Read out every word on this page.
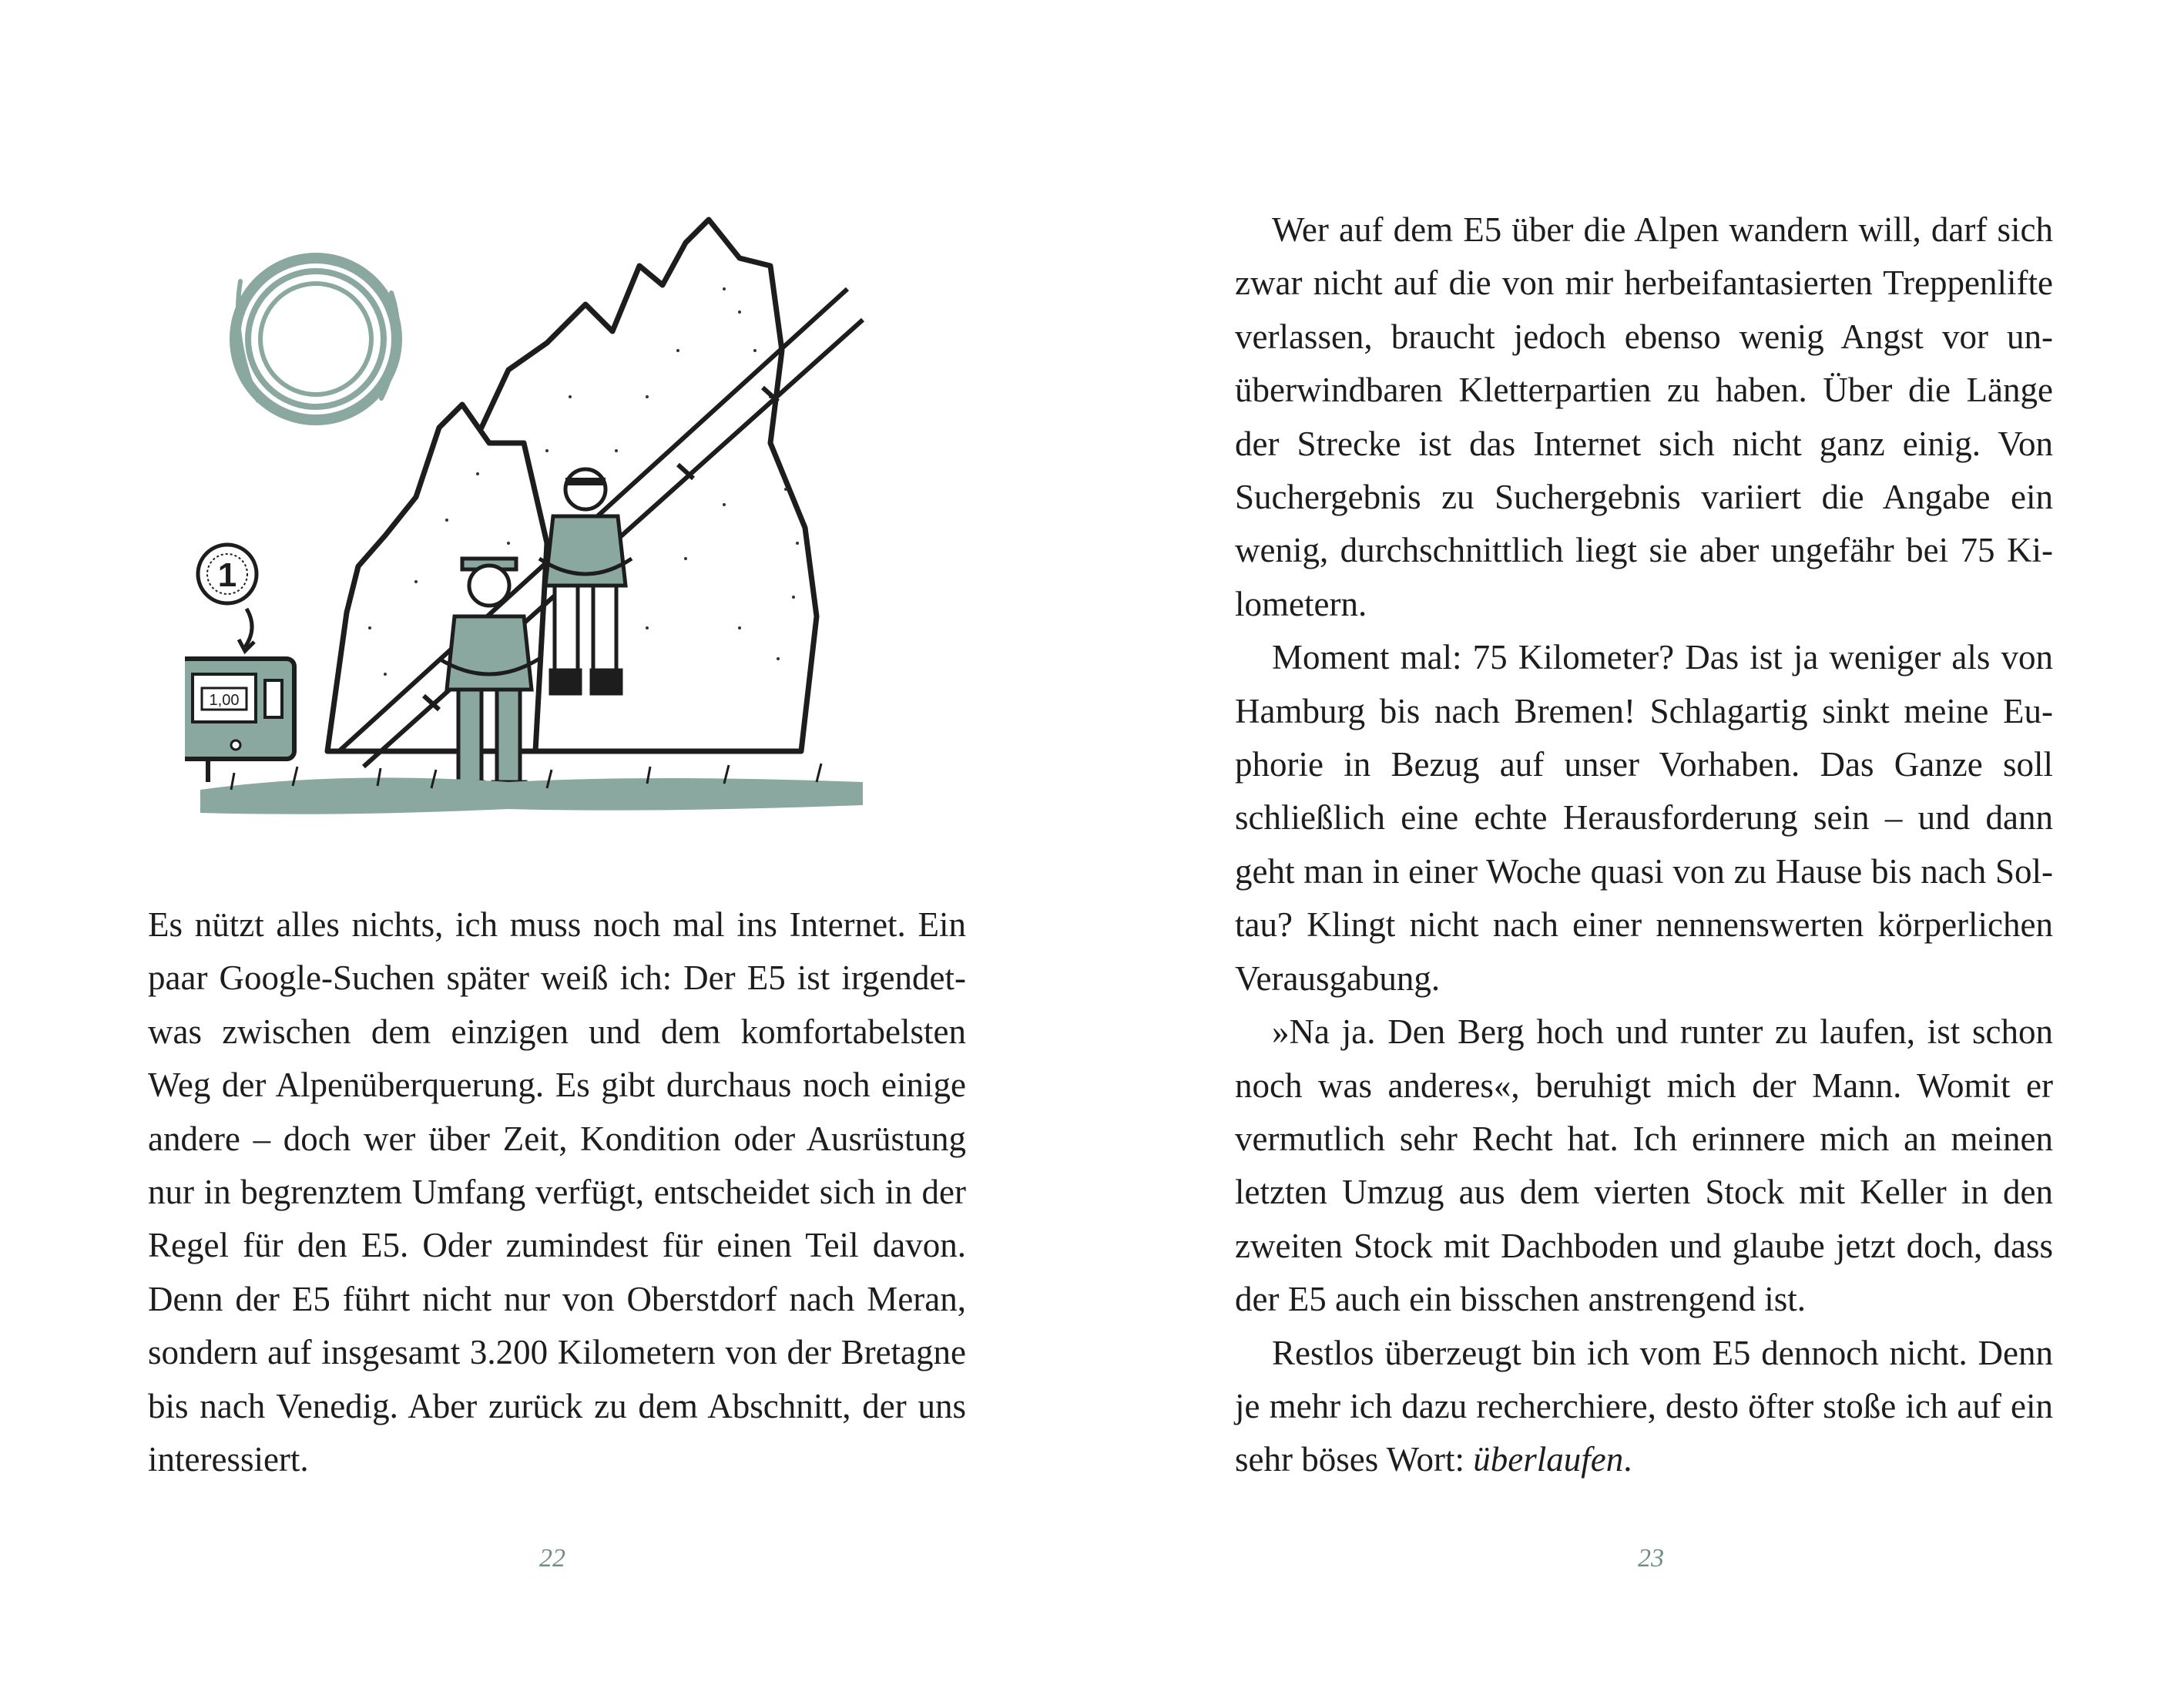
1
1,00
Es nützt alles nichts, ich muss noch mal ins Internet. Ein
paar Google-Suchen später weiß ich: Der E5 ist irgendet-
was zwischen dem einzigen und dem komfortabelsten
Weg der Alpenüberquerung. Es gibt durchaus noch einige
andere – doch wer über Zeit, Kondition oder Ausrüstung
nur in begrenztem Umfang verfügt, entscheidet sich in der
Regel für den E5. Oder zumindest für einen Teil davon.
Denn der E5 führt nicht nur von Oberstdorf nach Meran,
sondern auf insgesamt 3.200 Kilometern von der Bretagne
bis nach Venedig. Aber zurück zu dem Abschnitt, der uns
interessiert.
22

Wer auf dem E5 über die Alpen wandern will, darf sich zwar nicht auf die von mir herbeifantasierten Treppenlifte verlassen, braucht jedoch ebenso wenig Angst vor unüberwindbaren Kletterpartien zu haben. Über die Länge der Strecke ist das Internet sich nicht ganz einig. Von Suchergebnis zu Suchergebnis variiert die Angabe ein wenig, durchschnittlich liegt sie aber ungefähr bei 75 Kilometern.

Moment mal: 75 Kilometer? Das ist ja weniger als von Hamburg bis nach Bremen! Schlagartig sinkt meine Euphorie in Bezug auf unser Vorhaben. Das Ganze soll schließlich eine echte Herausforderung sein – und dann geht man in einer Woche quasi von zu Hause bis nach Soltau? Klingt nicht nach einer nennenswerten körperlichen Verausgabung.

»Na ja. Den Berg hoch und runter zu laufen, ist schon noch was anderes«, beruhigt mich der Mann. Womit er vermutlich sehr Recht hat. Ich erinnere mich an meinen letzten Umzug aus dem vierten Stock mit Keller in den zweiten Stock mit Dachboden und glaube jetzt doch, dass der E5 auch ein bisschen anstrengend ist.

Restlos überzeugt bin ich vom E5 dennoch nicht. Denn je mehr ich dazu recherchiere, desto öfter stoße ich auf ein sehr böses Wort: überlaufen.

23
